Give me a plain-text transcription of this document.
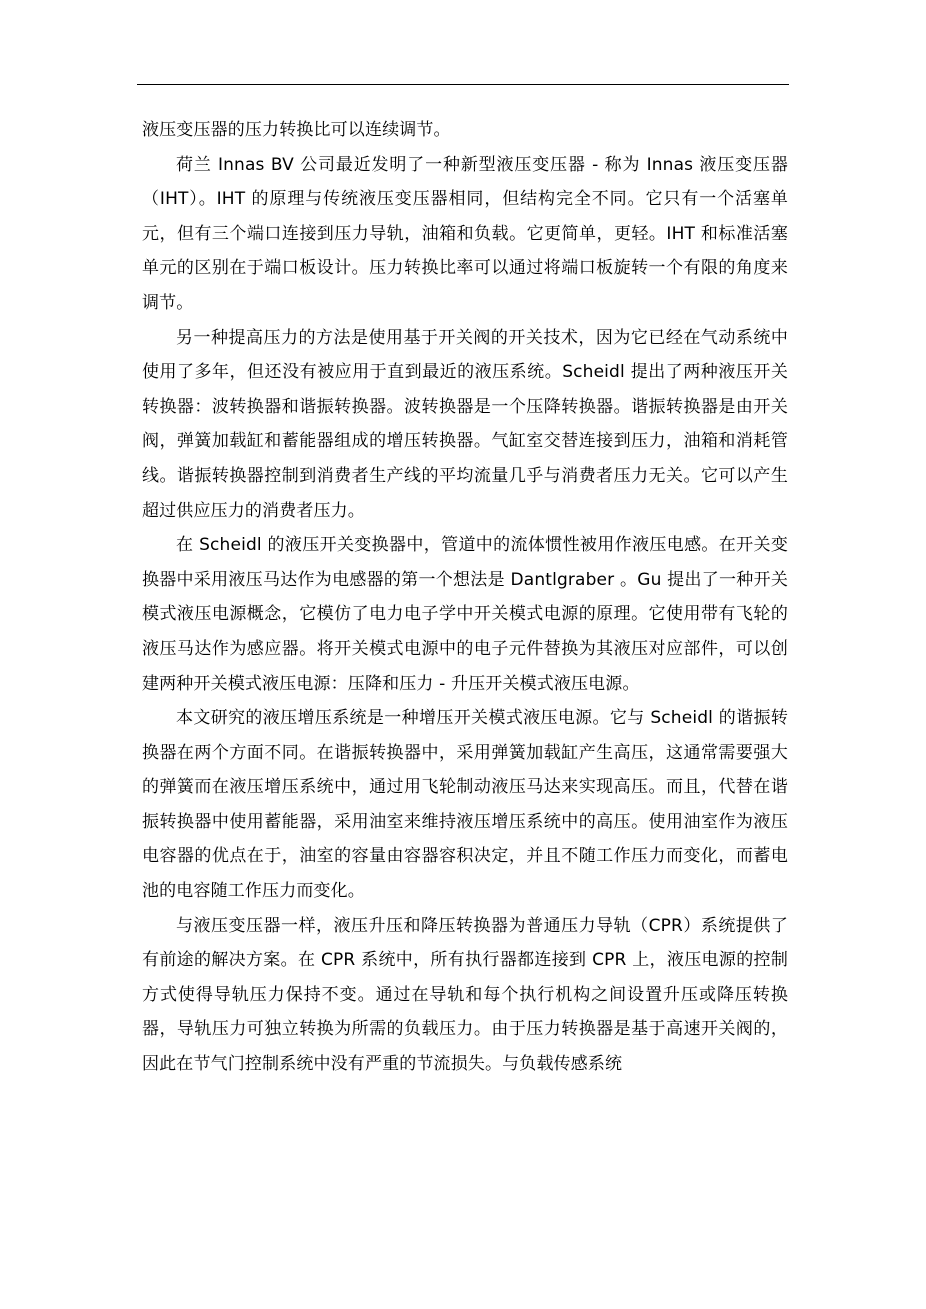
液压变压器的压力转换比可以连续调节。

荷兰 Innas BV 公司最近发明了一种新型液压变压器 - 称为 Innas 液压变压器（IHT）。IHT 的原理与传统液压变压器相同，但结构完全不同。它只有一个活塞单元，但有三个端口连接到压力导轨，油箱和负载。它更简单，更轻。IHT 和标准活塞单元的区别在于端口板设计。压力转换比率可以通过将端口板旋转一个有限的角度来调节。

另一种提高压力的方法是使用基于开关阀的开关技术，因为它已经在气动系统中使用了多年，但还没有被应用于直到最近的液压系统。Scheidl 提出了两种液压开关转换器：波转换器和谐振转换器。波转换器是一个压降转换器。谐振转换器是由开关阀，弹簧加载缸和蓄能器组成的增压转换器。气缸室交替连接到压力，油箱和消耗管线。谐振转换器控制到消费者生产线的平均流量几乎与消费者压力无关。它可以产生超过供应压力的消费者压力。

在 Scheidl 的液压开关变换器中，管道中的流体惯性被用作液压电感。在开关变换器中采用液压马达作为电感器的第一个想法是 Dantlgraber 。Gu 提出了一种开关模式液压电源概念，它模仿了电力电子学中开关模式电源的原理。它使用带有飞轮的液压马达作为感应器。将开关模式电源中的电子元件替换为其液压对应部件，可以创建两种开关模式液压电源：压降和压力 - 升压开关模式液压电源。

本文研究的液压增压系统是一种增压开关模式液压电源。它与 Scheidl 的谐振转换器在两个方面不同。在谐振转换器中，采用弹簧加载缸产生高压，这通常需要强大的弹簧而在液压增压系统中，通过用飞轮制动液压马达来实现高压。而且，代替在谐振转换器中使用蓄能器，采用油室来维持液压增压系统中的高压。使用油室作为液压电容器的优点在于，油室的容量由容器容积决定，并且不随工作压力而变化，而蓄电池的电容随工作压力而变化。

与液压变压器一样，液压升压和降压转换器为普通压力导轨（CPR）系统提供了有前途的解决方案。在 CPR 系统中，所有执行器都连接到 CPR 上，液压电源的控制方式使得导轨压力保持不变。通过在导轨和每个执行机构之间设置升压或降压转换器，导轨压力可独立转换为所需的负载压力。由于压力转换器是基于高速开关阀的，因此在节气门控制系统中没有严重的节流损失。与负载传感系统
